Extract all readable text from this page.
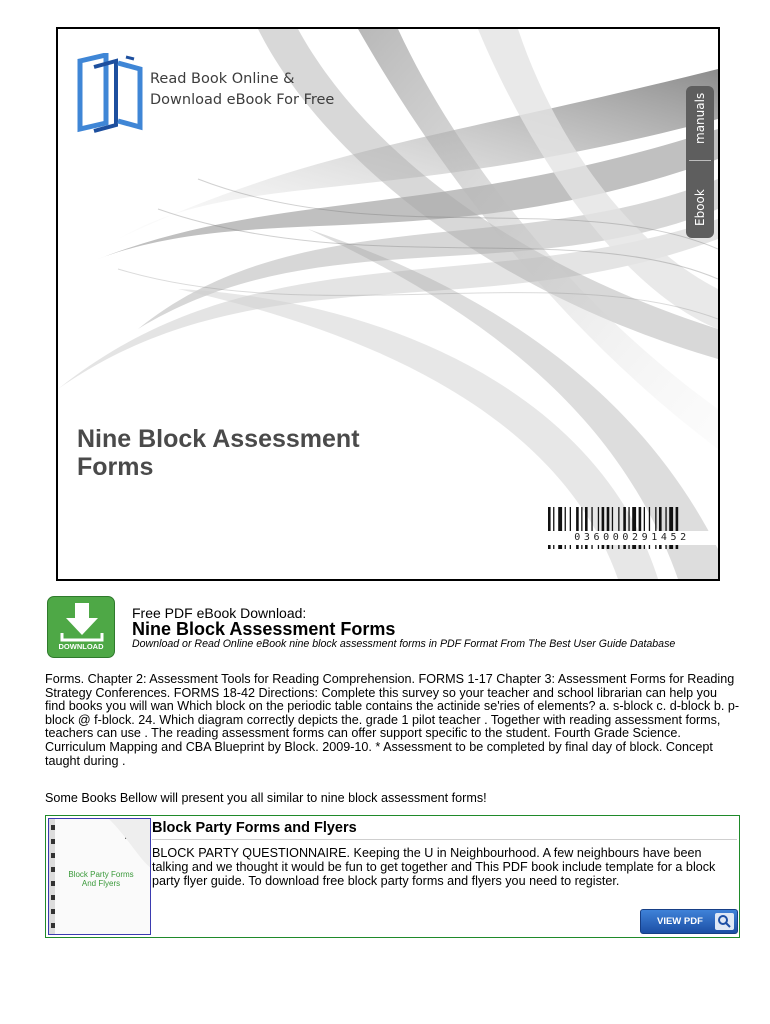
Read Book Online &
Download eBook For Free	manuals
Ebook
Nine Block Assessment
Forms
036000291452
DOWNLOAD
Free PDF eBook Download:
Nine Block Assessment Forms
Download or Read Online eBook nine block assessment forms in PDF Format From The Best User Guide Database
Forms. Chapter 2: Assessment Tools for Reading Comprehension. FORMS 1-17 Chapter 3: Assessment Forms for Reading Strategy Conferences. FORMS 18-42 Directions: Complete this survey so your teacher and school librarian can help you find books you will wan Which block on the periodic table contains the actinide se'ries of elements? a. s-block c. d-block b. p-block @ f-block. 24. Which diagram correctly depicts the. grade 1 pilot teacher . Together with reading assessment forms, teachers can use . The reading assessment forms can offer support specific to the student. Fourth Grade Science. Curriculum Mapping and CBA Blueprint by Block. 2009-10. * Assessment to be completed by final day of block. Concept taught during .
Some Books Bellow will present you all similar to nine block assessment forms!
Block Party Forms And Flyers
Block Party Forms and Flyers
BLOCK PARTY QUESTIONNAIRE. Keeping the U in Neighbourhood. A few neighbours have been talking and we thought it would be fun to get together and This PDF book include template for a block party flyer guide. To download free block party forms and flyers you need to register.
VIEW PDF
